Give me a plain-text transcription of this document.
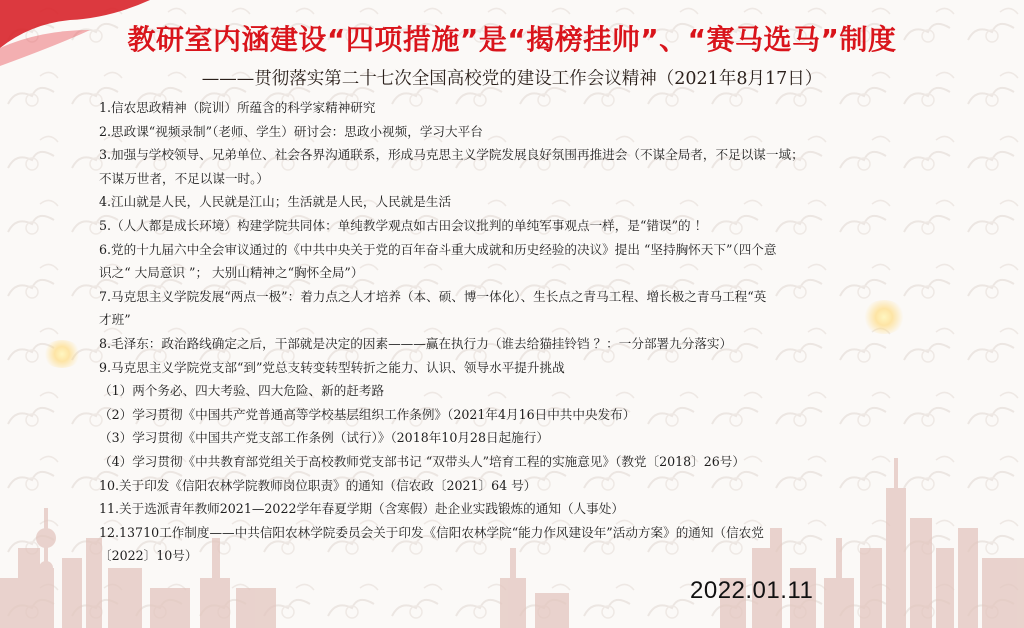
教研室内涵建设“四项措施”是“揭榜挂帅”、“赛马选马”制度

———贯彻落实第二十七次全国高校党的建设工作会议精神（2021年8月17日）

1.信农思政精神（院训）所蕴含的科学家精神研究
2.思政课“视频录制”（老师、学生）研讨会：思政小视频，学习大平台
3.加强与学校领导、兄弟单位、社会各界沟通联系，形成马克思主义学院发展良好氛围再推进会（不谋全局者，不足以谋一域；
不谋万世者，不足以谋一时。）
4.江山就是人民，人民就是江山；生活就是人民，人民就是生活
5.（人人都是成长环境）构建学院共同体：单纯教学观点如古田会议批判的单纯军事观点一样，是“错误”的 ！
6.党的十九届六中全会审议通过的《中共中央关于党的百年奋斗重大成就和历史经验的决议》提出 “坚持胸怀天下”（四个意
识之“ 大局意识 ”； 大别山精神之“胸怀全局”）
7.马克思主义学院发展“两点一极”：着力点之人才培养（本、硕、博一体化）、生长点之青马工程、增长极之青马工程“英
才班”
8.毛泽东：政治路线确定之后，干部就是决定的因素———赢在执行力（谁去给猫挂铃铛 ？：一分部署九分落实）
9.马克思主义学院党支部“到”党总支转变转型转折之能力、认识、领导水平提升挑战
（1）两个务必、四大考验、四大危险、新的赶考路
（2）学习贯彻《中国共产党普通高等学校基层组织工作条例》（2021年4月16日中共中央发布）
（3）学习贯彻《中国共产党支部工作条例（试行）》（2018年10月28日起施行）
（4）学习贯彻《中共教育部党组关于高校教师党支部书记 “双带头人”培育工程的实施意见》（教党〔2018〕26号）
10.关于印发《信阳农林学院教师岗位职责》的通知（信农政〔2021〕64 号）
11.关于选派青年教师2021—2022学年春夏学期（含寒假）赴企业实践锻炼的通知（人事处）
12.13710工作制度——中共信阳农林学院委员会关于印发《信阳农林学院“能力作风建设年”活动方案》的通知（信农党
〔2022〕10号）

2022.01.11
